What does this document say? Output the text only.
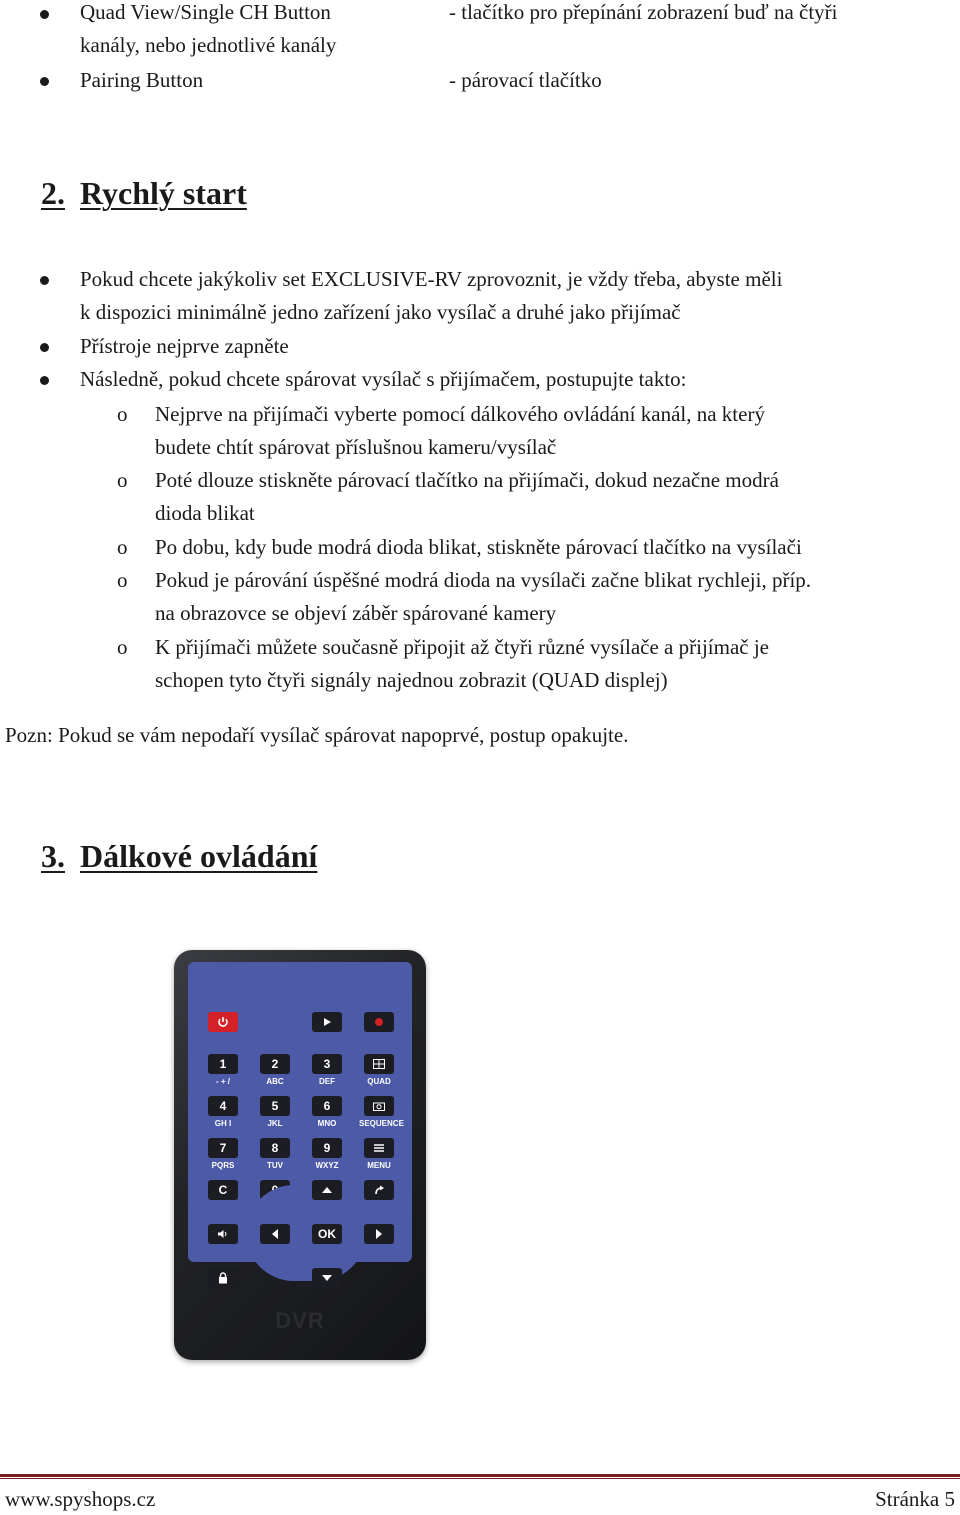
Quad View/Single CH Button	- tlačítko pro přepínání zobrazení buď na čtyři
kanály, nebo jednotlivé kanály
Pairing Button	- párovací tlačítko
2. Rychlý start
Pokud chcete jakýkoliv set EXCLUSIVE-RV zprovoznit, je vždy třeba, abyste měli
k dispozici minimálně jedno zařízení jako vysílač a druhé jako přijímač
Přístroje nejprve zapněte
Následně, pokud chcete spárovat vysílač s přijímačem, postupujte takto:
o Nejprve na přijímači vyberte pomocí dálkového ovládání kanál, na který
budete chtít spárovat příslušnou kameru/vysílač
o Poté dlouze stiskněte párovací tlačítko na přijímači, dokud nezačne modrá
dioda blikat
o Po dobu, kdy bude modrá dioda blikat, stiskněte párovací tlačítko na vysílači
o Pokud je párování úspěšné modrá dioda na vysílači začne blikat rychleji, příp.
na obrazovce se objeví záběr spárované kamery
o K přijímači můžete současně připojit až čtyři různé vysílače a přijímač je
schopen tyto čtyři signály najednou zobrazit (QUAD displej)
Pozn: Pokud se vám nepodaří vysílač spárovat napoprvé, postup opakujte.
3. Dálkové ovládání
1	2	3
- + /	ABC	DEF	QUAD
4	5	6
GH I	JKL	MNO	SEQUENCE
7	8	9
PQRS	TUV	WXYZ	MENU
C
OK
DVR
www.spyshops.cz	Stránka 5
